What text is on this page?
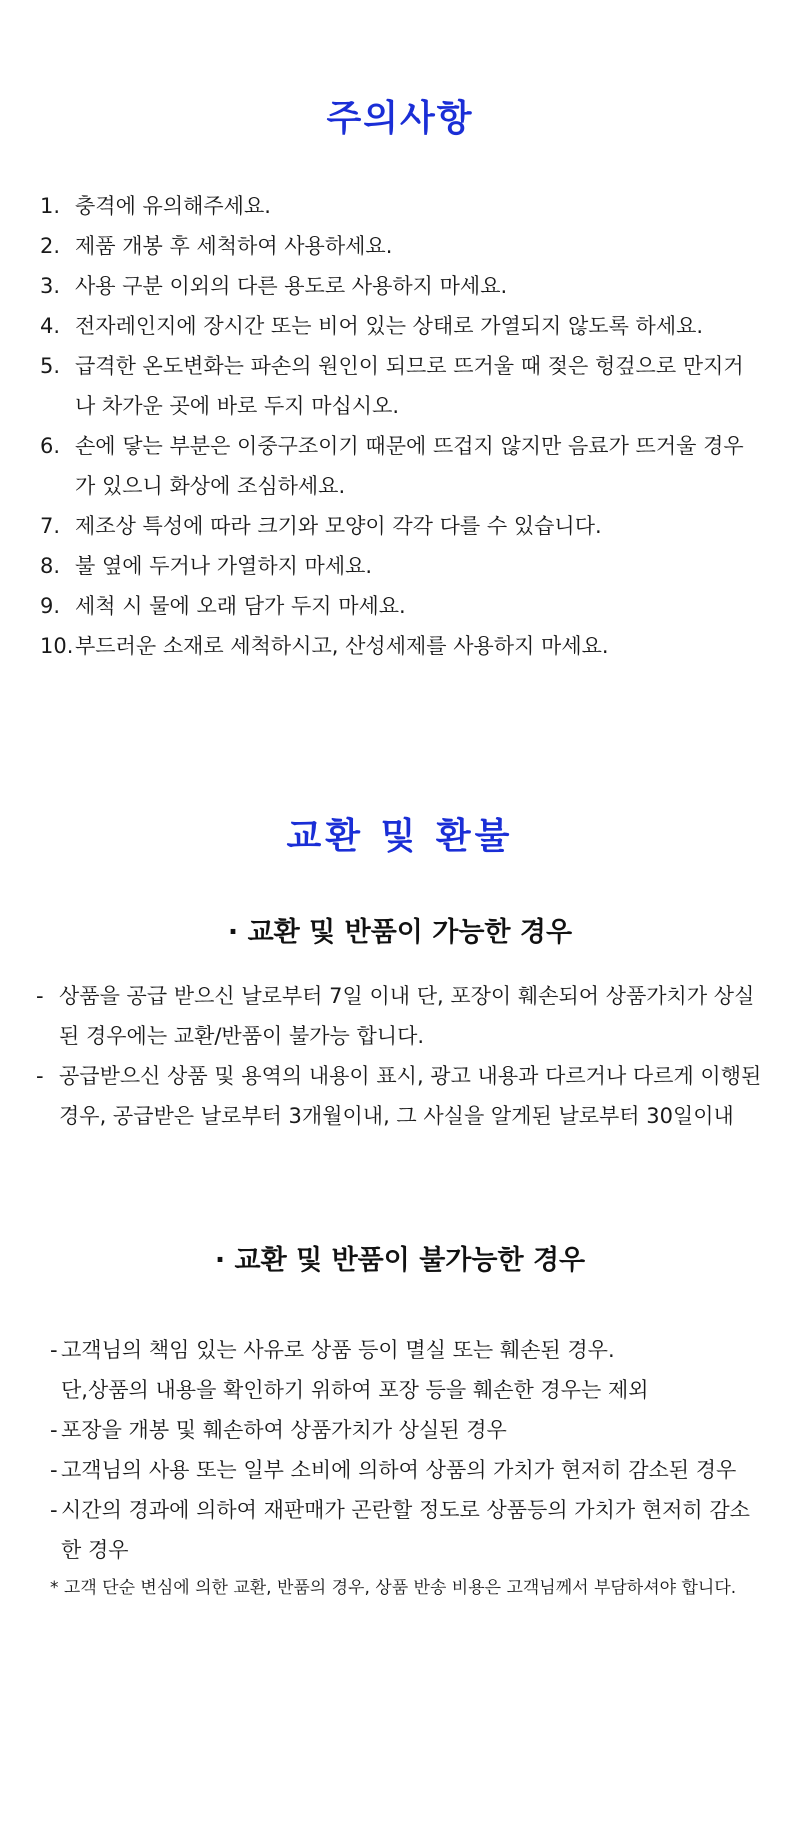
주의사항
1. 충격에 유의해주세요.
2. 제품 개봉 후 세척하여 사용하세요.
3. 사용 구분 이외의 다른 용도로 사용하지 마세요.
4. 전자레인지에 장시간 또는 비어 있는 상태로 가열되지 않도록 하세요.
5. 급격한 온도변화는 파손의 원인이 되므로 뜨거울 때 젖은 헝겊으로 만지거나 차가운 곳에 바로 두지 마십시오.
6. 손에 닿는 부분은 이중구조이기 때문에 뜨겁지 않지만 음료가 뜨거울 경우가 있으니 화상에 조심하세요.
7. 제조상 특성에 따라 크기와 모양이 각각 다를 수 있습니다.
8. 불 옆에 두거나 가열하지 마세요.
9. 세척 시 물에 오래 담가 두지 마세요.
10. 부드러운 소재로 세척하시고, 산성세제를 사용하지 마세요.
교환 및 환불
· 교환 및 반품이 가능한 경우
- 상품을 공급 받으신 날로부터 7일 이내 단, 포장이 훼손되어 상품가치가 상실된 경우에는 교환/반품이 불가능 합니다.
- 공급받으신 상품 및 용역의 내용이 표시, 광고 내용과 다르거나 다르게 이행된 경우, 공급받은 날로부터 3개월이내, 그 사실을 알게된 날로부터 30일이내
· 교환 및 반품이 불가능한 경우
- 고객님의 책임 있는 사유로 상품 등이 멸실 또는 훼손된 경우.
단,상품의 내용을 확인하기 위하여 포장 등을 훼손한 경우는 제외
- 포장을 개봉 및 훼손하여 상품가치가 상실된 경우
- 고객님의 사용 또는 일부 소비에 의하여 상품의 가치가 현저히 감소된 경우
- 시간의 경과에 의하여 재판매가 곤란할 정도로 상품등의 가치가 현저히 감소한 경우
* 고객 단순 변심에 의한 교환, 반품의 경우, 상품 반송 비용은 고객님께서 부담하셔야 합니다.
